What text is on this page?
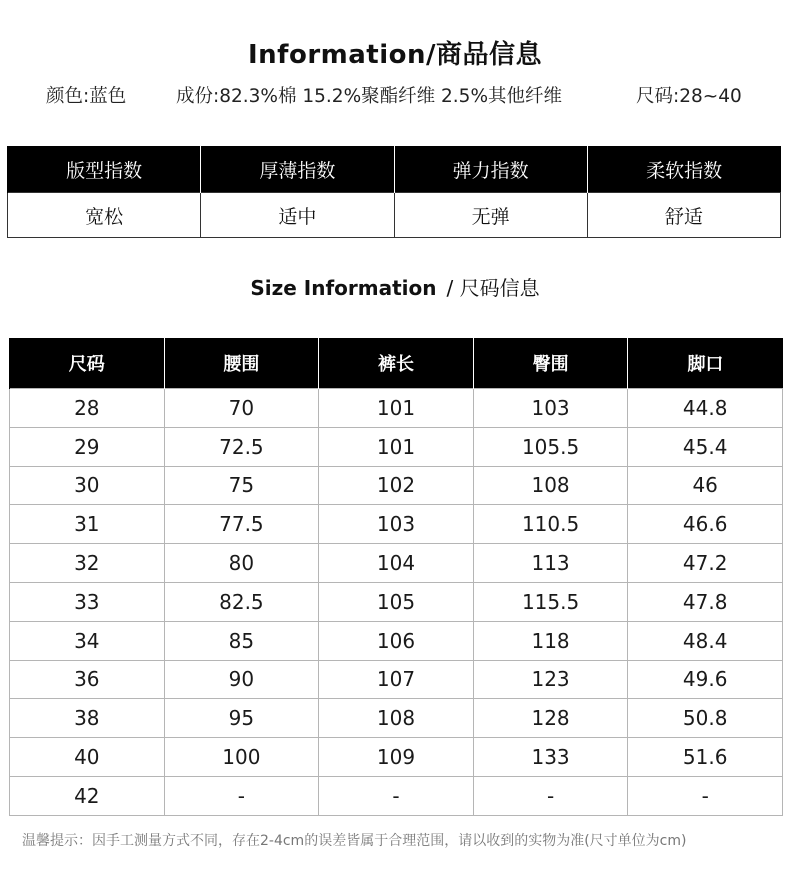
Information/商品信息
颜色:蓝色	成份:82.3%棉 15.2%聚酯纤维 2.5%其他纤维	尺码:28~40
版型指数	厚薄指数	弹力指数	柔软指数
宽松	适中	无弹	舒适
Size Information / 尺码信息
尺码	腰围	裤长	臀围	脚口
28	70	101	103	44.8
29	72.5	101	105.5	45.4
30	75	102	108	46
31	77.5	103	110.5	46.6
32	80	104	113	47.2
33	82.5	105	115.5	47.8
34	85	106	118	48.4
36	90	107	123	49.6
38	95	108	128	50.8
40	100	109	133	51.6
42	-	-	-	-
温馨提示：因手工测量方式不同，存在2-4cm的误差皆属于合理范围，请以收到的实物为准(尺寸单位为cm)
